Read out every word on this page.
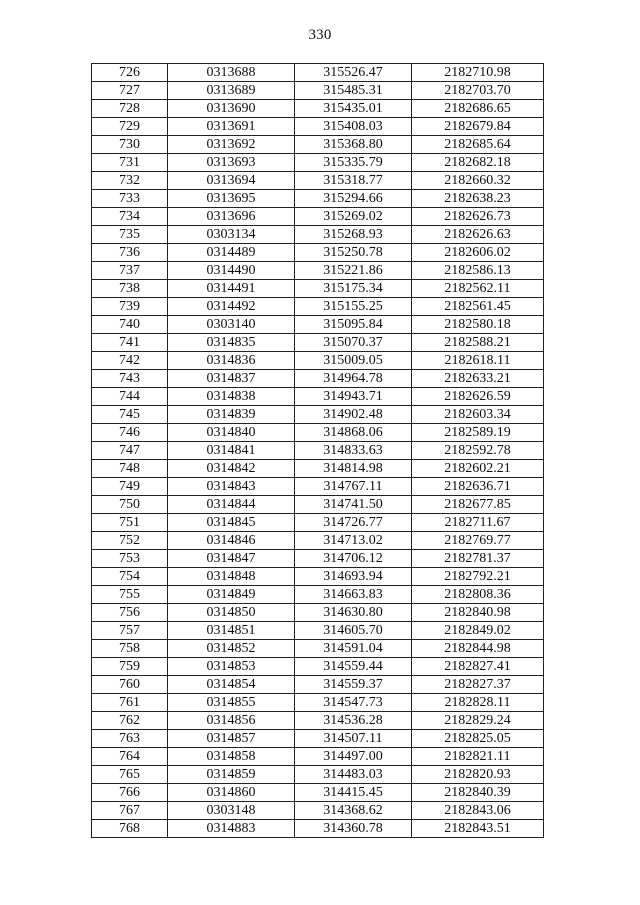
330
726	0313688	315526.47	2182710.98
727	0313689	315485.31	2182703.70
728	0313690	315435.01	2182686.65
729	0313691	315408.03	2182679.84
730	0313692	315368.80	2182685.64
731	0313693	315335.79	2182682.18
732	0313694	315318.77	2182660.32
733	0313695	315294.66	2182638.23
734	0313696	315269.02	2182626.73
735	0303134	315268.93	2182626.63
736	0314489	315250.78	2182606.02
737	0314490	315221.86	2182586.13
738	0314491	315175.34	2182562.11
739	0314492	315155.25	2182561.45
740	0303140	315095.84	2182580.18
741	0314835	315070.37	2182588.21
742	0314836	315009.05	2182618.11
743	0314837	314964.78	2182633.21
744	0314838	314943.71	2182626.59
745	0314839	314902.48	2182603.34
746	0314840	314868.06	2182589.19
747	0314841	314833.63	2182592.78
748	0314842	314814.98	2182602.21
749	0314843	314767.11	2182636.71
750	0314844	314741.50	2182677.85
751	0314845	314726.77	2182711.67
752	0314846	314713.02	2182769.77
753	0314847	314706.12	2182781.37
754	0314848	314693.94	2182792.21
755	0314849	314663.83	2182808.36
756	0314850	314630.80	2182840.98
757	0314851	314605.70	2182849.02
758	0314852	314591.04	2182844.98
759	0314853	314559.44	2182827.41
760	0314854	314559.37	2182827.37
761	0314855	314547.73	2182828.11
762	0314856	314536.28	2182829.24
763	0314857	314507.11	2182825.05
764	0314858	314497.00	2182821.11
765	0314859	314483.03	2182820.93
766	0314860	314415.45	2182840.39
767	0303148	314368.62	2182843.06
768	0314883	314360.78	2182843.51
